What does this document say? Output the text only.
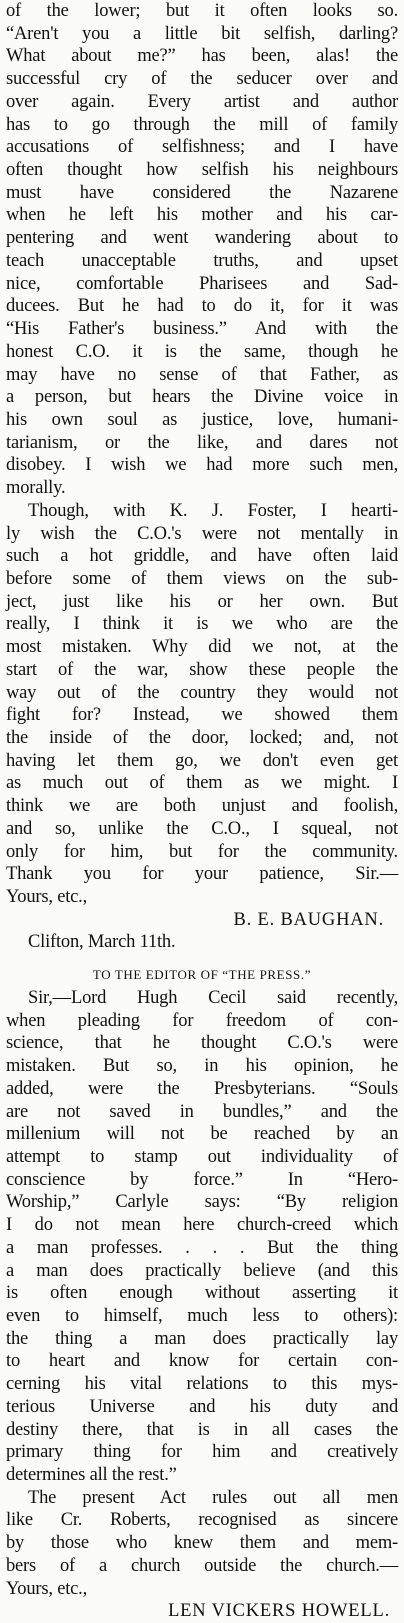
of the lower; but it often looks so.
“Aren't you a little bit selfish, darling?
What about me?” has been, alas! the
successful cry of the seducer over and
over again. Every artist and author
has to go through the mill of family
accusations of selfishness; and I have
often thought how selfish his neighbours
must have considered the Nazarene
when he left his mother and his car-
pentering and went wandering about to
teach unacceptable truths, and upset
nice, comfortable Pharisees and Sad-
ducees. But he had to do it, for it was
“His Father's business.” And with the
honest C.O. it is the same, though he
may have no sense of that Father, as
a person, but hears the Divine voice in
his own soul as justice, love, humani-
tarianism, or the like, and dares not
disobey. I wish we had more such men,
morally.
Though, with K. J. Foster, I hearti-
ly wish the C.O.'s were not mentally in
such a hot griddle, and have often laid
before some of them views on the sub-
ject, just like his or her own. But
really, I think it is we who are the
most mistaken. Why did we not, at the
start of the war, show these people the
way out of the country they would not
fight for? Instead, we showed them
the inside of the door, locked; and, not
having let them go, we don't even get
as much out of them as we might. I
think we are both unjust and foolish,
and so, unlike the C.O., I squeal, not
only for him, but for the community.
Thank you for your patience, Sir.—
Yours, etc.,
B. E. BAUGHAN.
Clifton, March 11th.
TO THE EDITOR OF “THE PRESS.”
Sir,—Lord Hugh Cecil said recently,
when pleading for freedom of con-
science, that he thought C.O.'s were
mistaken. But so, in his opinion, he
added, were the Presbyterians. “Souls
are not saved in bundles,” and the
millenium will not be reached by an
attempt to stamp out individuality of
conscience by force.” In “Hero-
Worship,” Carlyle says: “By religion
I do not mean here church-creed which
a man professes. . . . But the thing
a man does practically believe (and this
is often enough without asserting it
even to himself, much less to others):
the thing a man does practically lay
to heart and know for certain con-
cerning his vital relations to this mys-
terious Universe and his duty and
destiny there, that is in all cases the
primary thing for him and creatively
determines all the rest.”
The present Act rules out all men
like Cr. Roberts, recognised as sincere
by those who knew them and mem-
bers of a church outside the church.—
Yours, etc.,
LEN VICKERS HOWELL.
